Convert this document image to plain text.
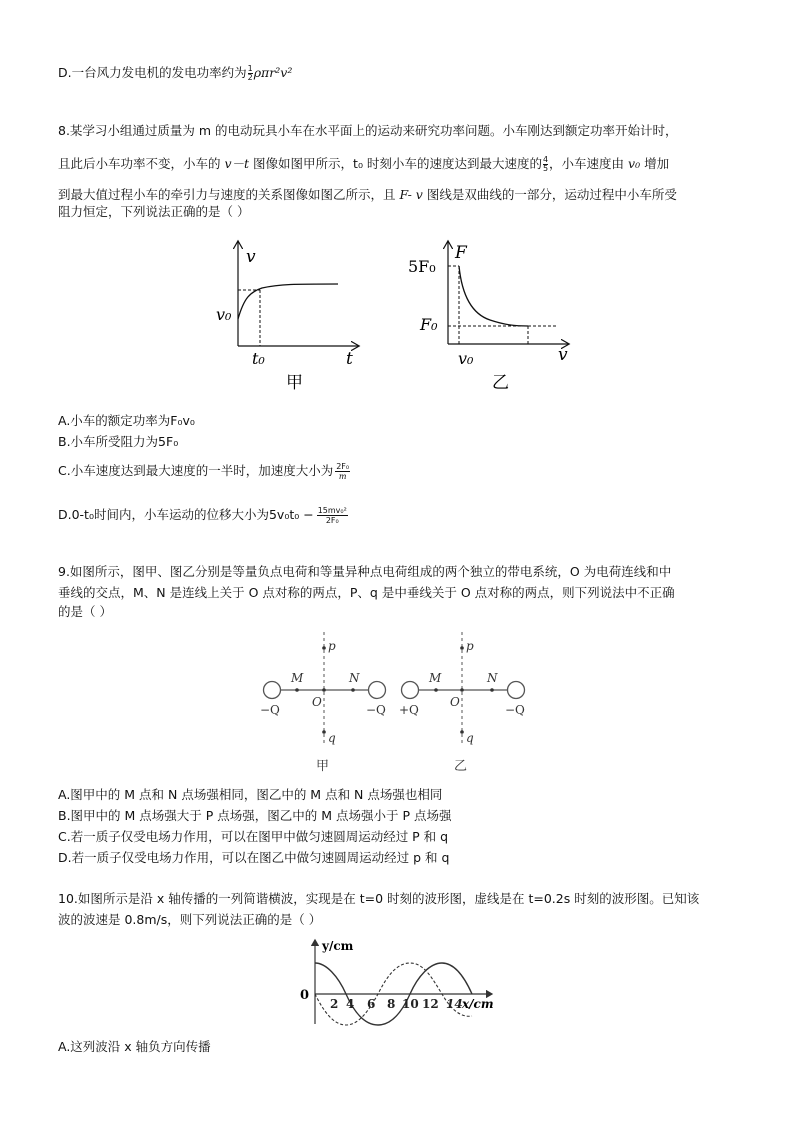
D.一台风力发电机的发电功率约为 $\frac{1}{2} \rho\pi r^2v^2$
8.某学习小组通过质量为 m 的电动玩具小车在水平面上的运动来研究功率问题。小车刚达到额定功率开始计时，
且此后小车功率不变，小车的 v－t 图像如图甲所示，t₀ 时刻小车的速度达到最大速度的 $\frac{4}{5}$ ，小车速度由 v₀ 增加
到最大值过程小车的牵引力与速度的关系图像如图乙所示，且 F- v 图线是双曲线的一部分，运动过程中小车所受
阻力恒定，下列说法正确的是（ ）
v
t
v₀
t₀
甲
F
v
5F₀
F₀
v₀
乙
A.小车的额定功率为F₀v₀
B.小车所受阻力为5F₀
C.小车速度达到最大速度的一半时，加速度大小为 $\frac{\text{2F₀}}{m}$
D.0-t₀时间内，小车运动的位移大小为$5v_0t_0 - \frac{\text{15mv₀²}}{\text{2F₀}}$
9.如图所示，图甲、图乙分别是等量负点电荷和等量异种点电荷组成的两个独立的带电系统，O 为电荷连线和中
垂线的交点，M、N 是连线上关于 O 点对称的两点，P、q 是中垂线关于 O 点对称的两点，则下列说法中不正确
的是（ ）
p
q
M	N
O
−Q	−Q
甲
p
q
M	N
O
+Q	−Q
乙
A.图甲中的 M 点和 N 点场强相同，图乙中的 M 点和 N 点场强也相同
B.图甲中的 M 点场强大于 P 点场强，图乙中的 M 点场强小于 P 点场强
C.若一质子仅受电场力作用，可以在图甲中做匀速圆周运动经过 P 和 q
D.若一质子仅受电场力作用，可以在图乙中做匀速圆周运动经过 p 和 q
10.如图所示是沿 x 轴传播的一列简谐横波，实现是在 t=0 时刻的波形图，虚线是在 t=0.2s 时刻的波形图。已知该
波的波速是 0.8m/s，则下列说法正确的是（ ）
0
y/cm
2 4 6 8 10 12 14 x/cm
A.这列波沿 x 轴负方向传播
